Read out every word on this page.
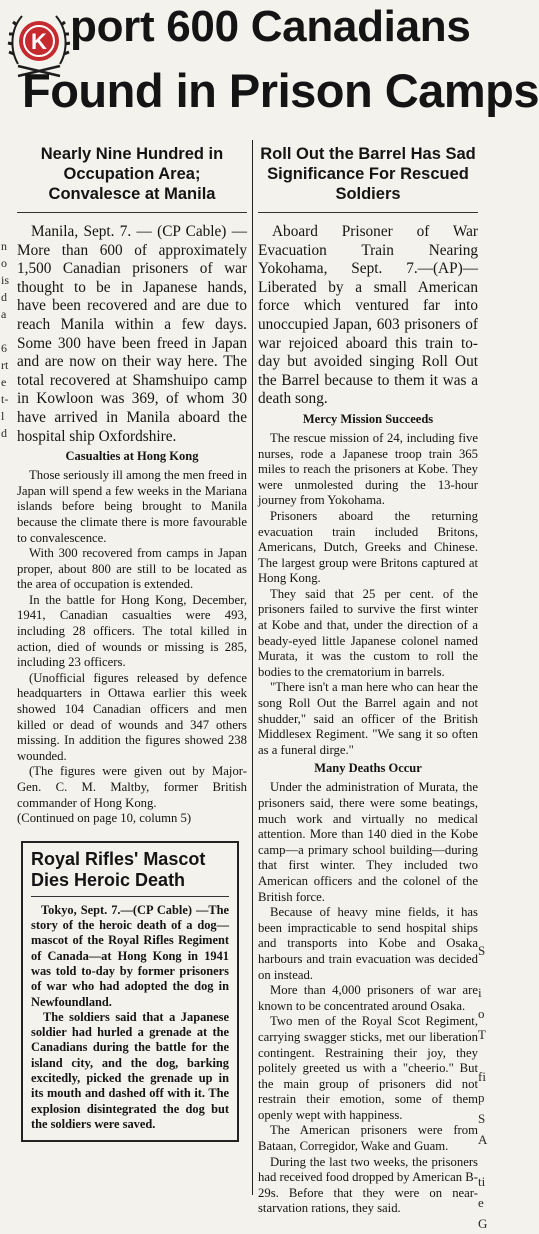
K port 600 Canadians
Found in Prison Camps
n
o
is
d
a

6
rt
e
t-
l
d
S

i
o
T

fi
p
S
A

ti
e
G
Nearly Nine Hundred in Occupation Area; Convalesce at Manila

Manila, Sept. 7. — (CP Cable) — More than 600 of approximately 1,500 Canadian prisoners of war thought to be in Japanese hands, have been recovered and are due to reach Manila within a few days. Some 300 have been freed in Japan and are now on their way here. The total recovered at Shamshuipo camp in Kowloon was 369, of whom 30 have arrived in Manila aboard the hospital ship Oxfordshire.

Casualties at Hong Kong

Those seriously ill among the men freed in Japan will spend a few weeks in the Mariana islands before being brought to Manila because the climate there is more favourable to convalescence.

With 300 recovered from camps in Japan proper, about 800 are still to be located as the area of occupation is extended.

In the battle for Hong Kong, December, 1941, Canadian casualties were 493, including 28 officers. The total killed in action, died of wounds or missing is 285, including 23 officers.

(Unofficial figures released by defence headquarters in Ottawa earlier this week showed 104 Canadian officers and men killed or dead of wounds and 347 others missing. In addition the figures showed 238 wounded.

(The figures were given out by Major-Gen. C. M. Maltby, former British commander of Hong Kong.

(Continued on page 10, column 5)

Royal Rifles' Mascot Dies Heroic Death

Tokyo, Sept. 7.—(CP Cable) —The story of the heroic death of a dog—mascot of the Royal Rifles Regiment of Canada—at Hong Kong in 1941 was told to-day by former prisoners of war who had adopted the dog in Newfoundland.

The soldiers said that a Japanese soldier had hurled a grenade at the Canadians during the battle for the island city, and the dog, barking excitedly, picked the grenade up in its mouth and dashed off with it. The explosion disintegrated the dog but the soldiers were saved.

Roll Out the Barrel Has Sad Significance For Rescued Soldiers

Aboard Prisoner of War Evacuation Train Nearing Yokohama, Sept. 7.—(AP)— Liberated by a small American force which ventured far into unoccupied Japan, 603 prisoners of war rejoiced aboard this train to-day but avoided singing Roll Out the Barrel because to them it was a death song.

Mercy Mission Succeeds

The rescue mission of 24, including five nurses, rode a Japanese troop train 365 miles to reach the prisoners at Kobe. They were unmolested during the 13-hour journey from Yokohama.

Prisoners aboard the returning evacuation train included Britons, Americans, Dutch, Greeks and Chinese. The largest group were Britons captured at Hong Kong.

They said that 25 per cent. of the prisoners failed to survive the first winter at Kobe and that, under the direction of a beady-eyed little Japanese colonel named Murata, it was the custom to roll the bodies to the crematorium in barrels.

"There isn't a man here who can hear the song Roll Out the Barrel again and not shudder," said an officer of the British Middlesex Regiment. "We sang it so often as a funeral dirge."

Many Deaths Occur

Under the administration of Murata, the prisoners said, there were some beatings, much work and virtually no medical attention. More than 140 died in the Kobe camp—a primary school building—during that first winter. They included two American officers and the colonel of the British force.

Because of heavy mine fields, it has been impracticable to send hospital ships and transports into Kobe and Osaka harbours and train evacuation was decided on instead.

More than 4,000 prisoners of war are known to be concentrated around Osaka.

Two men of the Royal Scot Regiment, carrying swagger sticks, met our liberation contingent. Restraining their joy, they politely greeted us with a "cheerio." But the main group of prisoners did not restrain their emotion, some of them openly wept with happiness.

The American prisoners were from Bataan, Corregidor, Wake and Guam.

During the last two weeks, the prisoners had received food dropped by American B-29s. Before that they were on near-starvation rations, they said.
